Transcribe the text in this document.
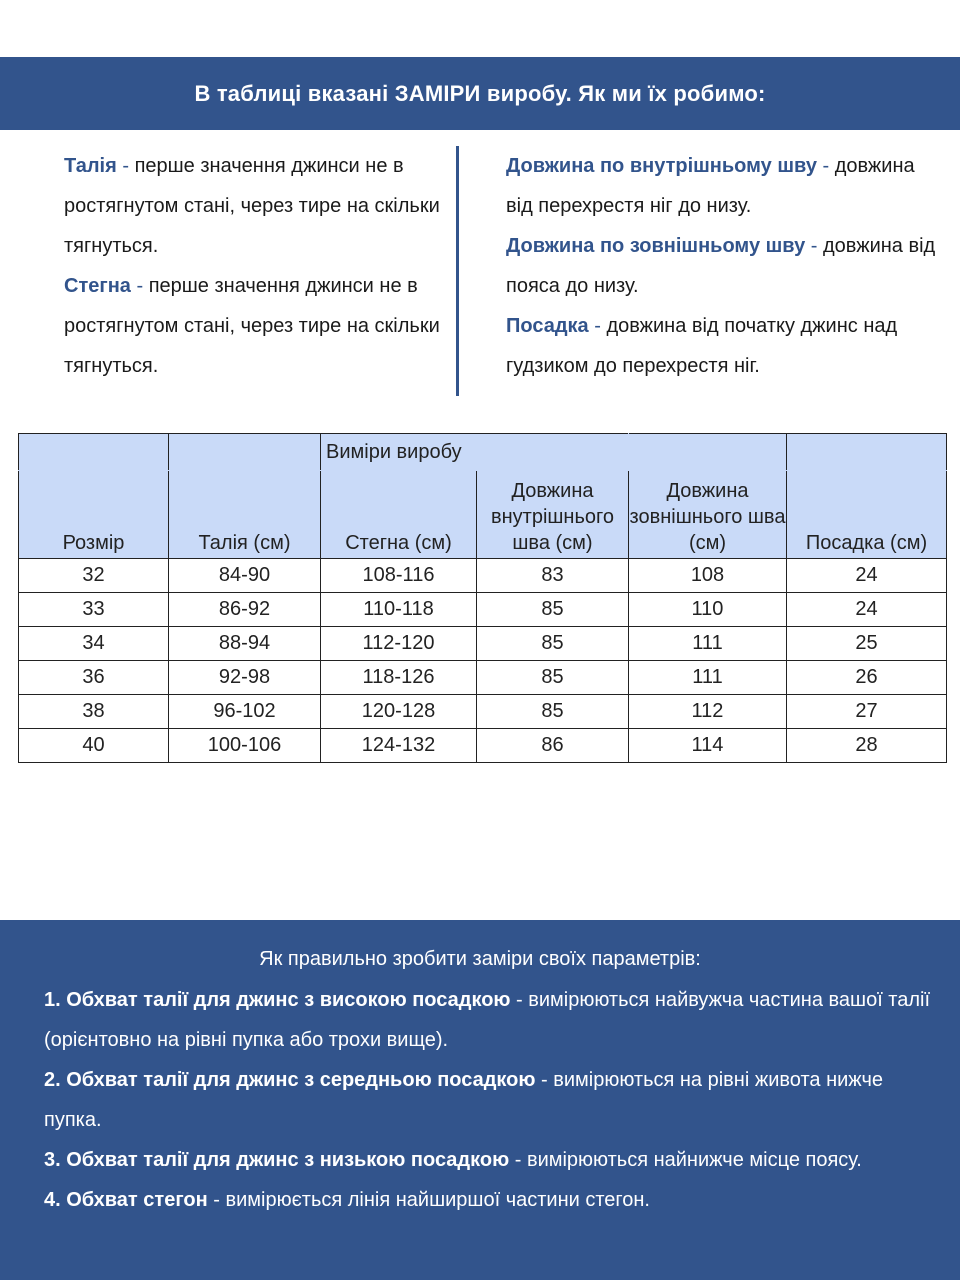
В таблиці вказані ЗАМІРИ виробу. Як ми їх робимо:
Талія - перше значення джинси не в ростягнутом стані, через тире на скільки тягнуться.
Стегна - перше значення джинси не в ростягнутом стані, через тире на скільки тягнуться.
Довжина по внутрішньому шву - довжина від перехрестя ніг до низу.
Довжина по зовнішньому шву - довжина від пояса до низу.
Посадка - довжина від початку джинс над гудзиком до перехрестя ніг.
		Виміри виробу			
Розмір	Талія (см)	Стегна (см)	Довжина внутрішнього шва (см)	Довжина зовнішнього шва (см)	Посадка (см)
32	84-90	108-116	83	108	24
33	86-92	110-118	85	110	24
34	88-94	112-120	85	111	25
36	92-98	118-126	85	111	26
38	96-102	120-128	85	112	27
40	100-106	124-132	86	114	28
Як правильно зробити заміри своїх параметрів:
1. Обхват талії для джинс з високою посадкою - вимірюються найвужча частина вашої талії (орієнтовно на рівні пупка або трохи вище).
2. Обхват талії для джинс з середньою посадкою - вимірюються на рівні живота нижче пупка.
3. Обхват талії для джинс з низькою посадкою - вимірюються найнижче місце поясу.
4. Обхват стегон - вимірюється лінія найширшої частини стегон.
